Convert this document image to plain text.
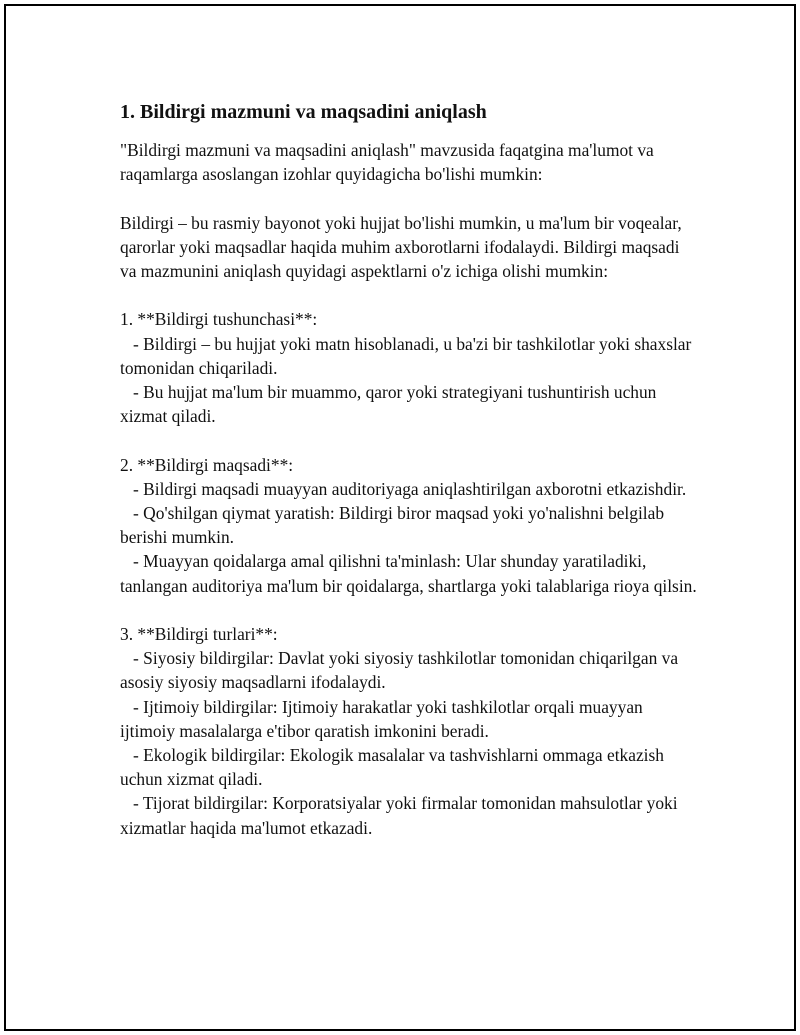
1. Bildirgi mazmuni va maqsadini aniqlash

"Bildirgi mazmuni va maqsadini aniqlash" mavzusida faqatgina ma'lumot va raqamlarga asoslangan izohlar quyidagicha bo'lishi mumkin:

Bildirgi – bu rasmiy bayonot yoki hujjat bo'lishi mumkin, u ma'lum bir voqealar, qarorlar yoki maqsadlar haqida muhim axborotlarni ifodalaydi. Bildirgi maqsadi va mazmunini aniqlash quyidagi aspektlarni o'z ichiga olishi mumkin:

1. **Bildirgi tushunchasi**:

- Bildirgi – bu hujjat yoki matn hisoblanadi, u ba'zi bir tashkilotlar yoki shaxslar tomonidan chiqariladi.

- Bu hujjat ma'lum bir muammo, qaror yoki strategiyani tushuntirish uchun xizmat qiladi.

2. **Bildirgi maqsadi**:

- Bildirgi maqsadi muayyan auditoriyaga aniqlashtirilgan axborotni etkazishdir.

- Qo'shilgan qiymat yaratish: Bildirgi biror maqsad yoki yo'nalishni belgilab berishi mumkin.

- Muayyan qoidalarga amal qilishni ta'minlash: Ular shunday yaratiladiki, tanlangan auditoriya ma'lum bir qoidalarga, shartlarga yoki talablariga rioya qilsin.

3. **Bildirgi turlari**:

- Siyosiy bildirgilar: Davlat yoki siyosiy tashkilotlar tomonidan chiqarilgan va asosiy siyosiy maqsadlarni ifodalaydi.

- Ijtimoiy bildirgilar: Ijtimoiy harakatlar yoki tashkilotlar orqali muayyan ijtimoiy masalalarga e'tibor qaratish imkonini beradi.

- Ekologik bildirgilar: Ekologik masalalar va tashvishlarni ommaga etkazish uchun xizmat qiladi.

- Tijorat bildirgilar: Korporatsiyalar yoki firmalar tomonidan mahsulotlar yoki xizmatlar haqida ma'lumot etkazadi.
